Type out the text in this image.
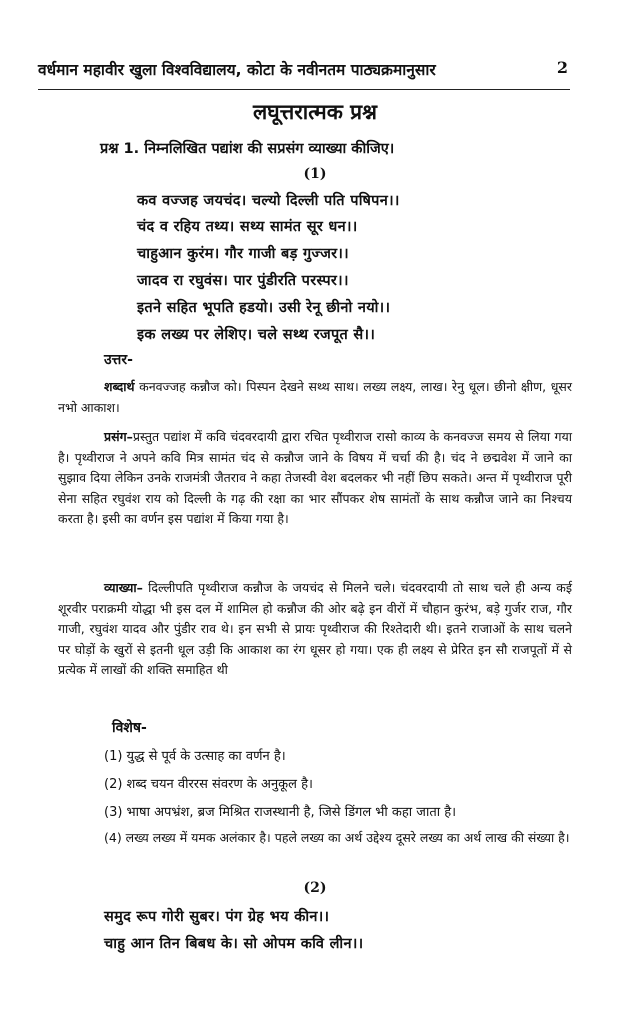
वर्धमान महावीर खुला विश्वविद्यालय, कोटा के नवीनतम पाठ्यक्रमानुसार	2
लघूत्तरात्मक प्रश्न
प्रश्न 1. निम्नलिखित पद्यांश की सप्रसंग व्याख्या कीजिए।
(1)
कव वज्जह जयचंद। चल्यो दिल्ली पति पषिपन।।
चंद व रहिय तथ्य। सथ्य सामंत सूर धन।।
चाहुआन कुरंम। गौर गाजी बड़ गुज्जर।।
जादव रा रघुवंस। पार पुंडीरति परस्पर।।
इतने सहित भूपति हडयो। उसी रेनू छीनो नयो।।
इक लख्य पर लेशिए। चले सथ्थ रजपूत सै।।
उत्तर-
शब्दार्थ कनवज्जह कन्नौज को। पिस्पन देखने सथ्थ साथ। लख्य लक्ष्य, लाख। रेनु धूल। छीनो क्षीण, धूसर नभो आकाश।
प्रसंग–प्रस्तुत पद्यांश में कवि चंदवरदायी द्वारा रचित पृथ्वीराज रासो काव्य के कनवज्ज समय से लिया गया है। पृथ्वीराज ने अपने कवि मित्र सामंत चंद से कन्नौज जाने के विषय में चर्चा की है। चंद ने छद्मवेश में जाने का सुझाव दिया लेकिन उनके राजमंत्री जैतराव ने कहा तेजस्वी वेश बदलकर भी नहीं छिप सकते। अन्त में पृथ्वीराज पूरी सेना सहित रघुवंश राय को दिल्ली के गढ़ की रक्षा का भार सौंपकर शेष सामंतों के साथ कन्नौज जाने का निश्चय करता है। इसी का वर्णन इस पद्यांश में किया गया है।
व्याख्या– दिल्लीपति पृथ्वीराज कन्नौज के जयचंद से मिलने चले। चंदवरदायी तो साथ चले ही अन्य कई शूरवीर पराक्रमी योद्धा भी इस दल में शामिल हो कन्नौज की ओर बढ़े इन वीरों में चौहान कुरंभ, बड़े गुर्जर राज, गौर गाजी, रघुवंश यादव और पुंडीर राव थे। इन सभी से प्रायः पृथ्वीराज की रिश्तेदारी थी। इतने राजाओं के साथ चलने पर घोड़ों के खुरों से इतनी धूल उड़ी कि आकाश का रंग धूसर हो गया। एक ही लक्ष्य से प्रेरित इन सौ राजपूतों में से प्रत्येक में लाखों की शक्ति समाहित थी
विशेष-
(1) युद्ध से पूर्व के उत्साह का वर्णन है।
(2) शब्द चयन वीररस संवरण के अनुकूल है।
(3) भाषा अपभ्रंश, ब्रज मिश्रित राजस्थानी है, जिसे डिंगल भी कहा जाता है।
(4) लख्य लख्य में यमक अलंकार है। पहले लख्य का अर्थ उद्देश्य दूसरे लख्य का अर्थ लाख की संख्या है।
(2)
समुद रूप गोरी सुबर। पंग ग्रेह भय कीन।।
चाहु आन तिन बिबध के। सो ओपम कवि लीन।।
